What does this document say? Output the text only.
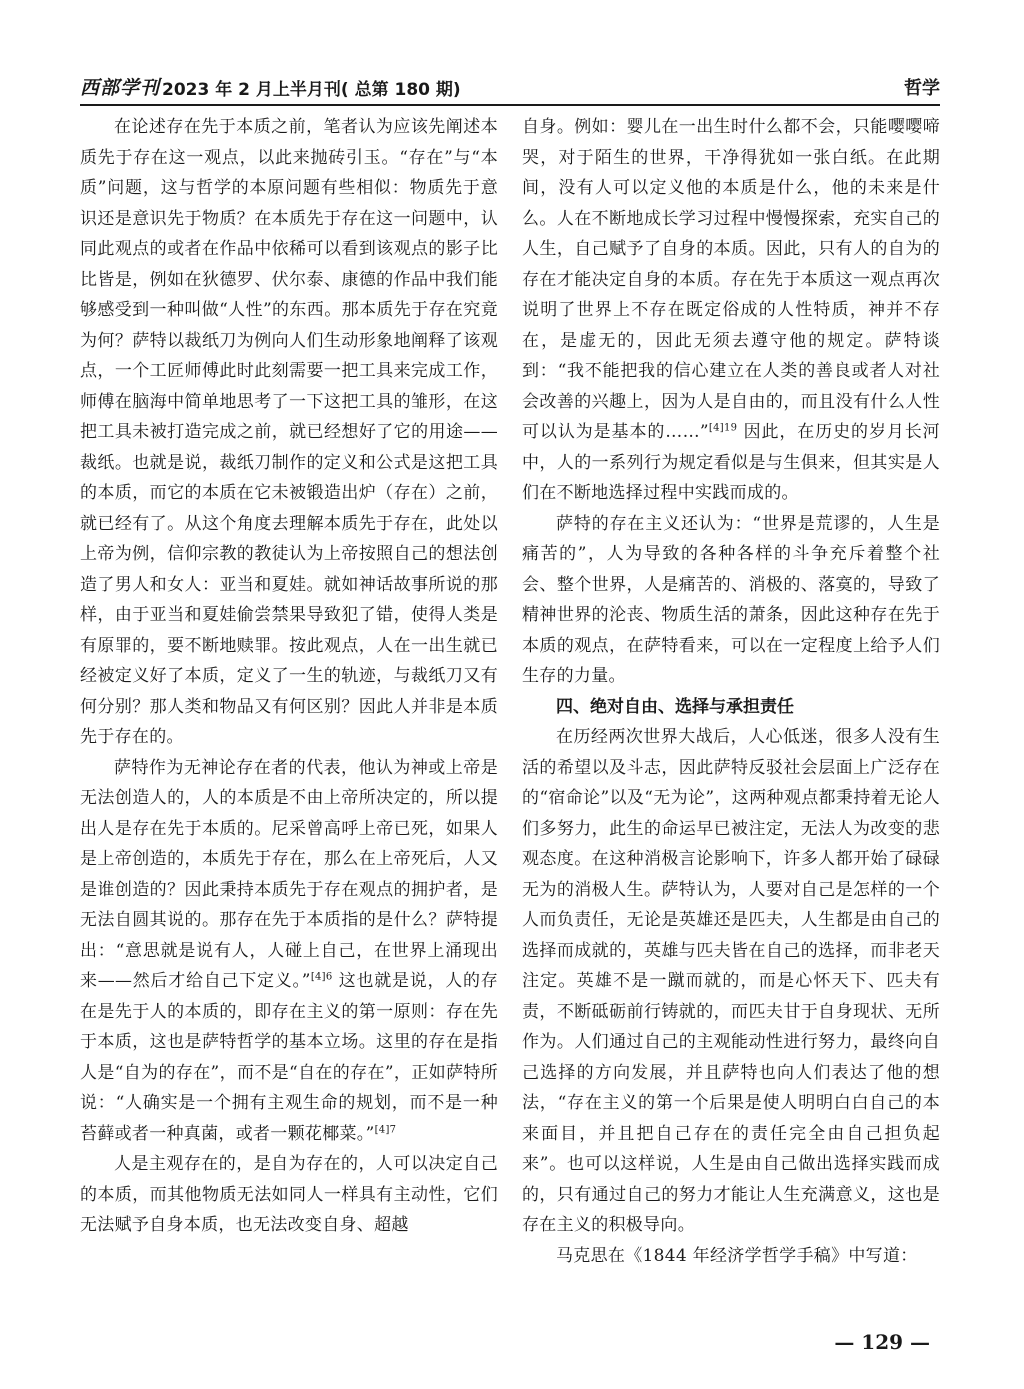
西部学刊 2023 年 2 月上半月刊( 总第 180 期)	哲学

在论述存在先于本质之前，笔者认为应该先阐述本质先于存在这一观点，以此来抛砖引玉。“存在”与“本质”问题，这与哲学的本原问题有些相似：物质先于意识还是意识先于物质？在本质先于存在这一问题中，认同此观点的或者在作品中依稀可以看到该观点的影子比比皆是，例如在狄德罗、伏尔泰、康德的作品中我们能够感受到一种叫做“人性”的东西。那本质先于存在究竟为何？萨特以裁纸刀为例向人们生动形象地阐释了该观点，一个工匠师傅此时此刻需要一把工具来完成工作，师傅在脑海中简单地思考了一下这把工具的雏形，在这把工具未被打造完成之前，就已经想好了它的用途——裁纸。也就是说，裁纸刀制作的定义和公式是这把工具的本质，而它的本质在它未被锻造出炉（存在）之前，就已经有了。从这个角度去理解本质先于存在，此处以上帝为例，信仰宗教的教徒认为上帝按照自己的想法创造了男人和女人：亚当和夏娃。就如神话故事所说的那样，由于亚当和夏娃偷尝禁果导致犯了错，使得人类是有原罪的，要不断地赎罪。按此观点，人在一出生就已经被定义好了本质，定义了一生的轨迹，与裁纸刀又有何分别？那人类和物品又有何区别？因此人并非是本质先于存在的。

萨特作为无神论存在者的代表，他认为神或上帝是无法创造人的，人的本质是不由上帝所决定的，所以提出人是存在先于本质的。尼采曾高呼上帝已死，如果人是上帝创造的，本质先于存在，那么在上帝死后，人又是谁创造的？因此秉持本质先于存在观点的拥护者，是无法自圆其说的。那存在先于本质指的是什么？萨特提出：“意思就是说有人，人碰上自己，在世界上涌现出来——然后才给自己下定义。”$^{[4]6}$ 这也就是说，人的存在是先于人的本质的，即存在主义的第一原则：存在先于本质，这也是萨特哲学的基本立场。这里的存在是指人是“自为的存在”，而不是“自在的存在”，正如萨特所说：“人确实是一个拥有主观生命的规划，而不是一种苔藓或者一种真菌，或者一颗花椰菜。”$^{[4]7}$

人是主观存在的，是自为存在的，人可以决定自己的本质，而其他物质无法如同人一样具有主动性，它们无法赋予自身本质，也无法改变自身、超越

自身。例如：婴儿在一出生时什么都不会，只能嘤嘤啼哭，对于陌生的世界，干净得犹如一张白纸。在此期间，没有人可以定义他的本质是什么，他的未来是什么。人在不断地成长学习过程中慢慢探索，充实自己的人生，自己赋予了自身的本质。因此，只有人的自为的存在才能决定自身的本质。存在先于本质这一观点再次说明了世界上不存在既定俗成的人性特质，神并不存在，是虚无的，因此无须去遵守他的规定。萨特谈到：“我不能把我的信心建立在人类的善良或者人对社会改善的兴趣上，因为人是自由的，而且没有什么人性可以认为是基本的……”$^{[4]19}$ 因此，在历史的岁月长河中，人的一系列行为规定看似是与生俱来，但其实是人们在不断地选择过程中实践而成的。

萨特的存在主义还认为：“世界是荒谬的，人生是痛苦的”，人为导致的各种各样的斗争充斥着整个社会、整个世界，人是痛苦的、消极的、落寞的，导致了精神世界的沦丧、物质生活的萧条，因此这种存在先于本质的观点，在萨特看来，可以在一定程度上给予人们生存的力量。

四、绝对自由、选择与承担责任

在历经两次世界大战后，人心低迷，很多人没有生活的希望以及斗志，因此萨特反驳社会层面上广泛存在的“宿命论”以及“无为论”，这两种观点都秉持着无论人们多努力，此生的命运早已被注定，无法人为改变的悲观态度。在这种消极言论影响下，许多人都开始了碌碌无为的消极人生。萨特认为，人要对自己是怎样的一个人而负责任，无论是英雄还是匹夫，人生都是由自己的选择而成就的，英雄与匹夫皆在自己的选择，而非老天注定。英雄不是一蹴而就的，而是心怀天下、匹夫有责，不断砥砺前行铸就的，而匹夫甘于自身现状、无所作为。人们通过自己的主观能动性进行努力，最终向自己选择的方向发展，并且萨特也向人们表达了他的想法，“存在主义的第一个后果是使人明明白白自己的本来面目，并且把自己存在的责任完全由自己担负起来”。也可以这样说，人生是由自己做出选择实践而成的，只有通过自己的努力才能让人生充满意义，这也是存在主义的积极导向。

马克思在《1844 年经济学哲学手稿》中写道：

— 129 —
